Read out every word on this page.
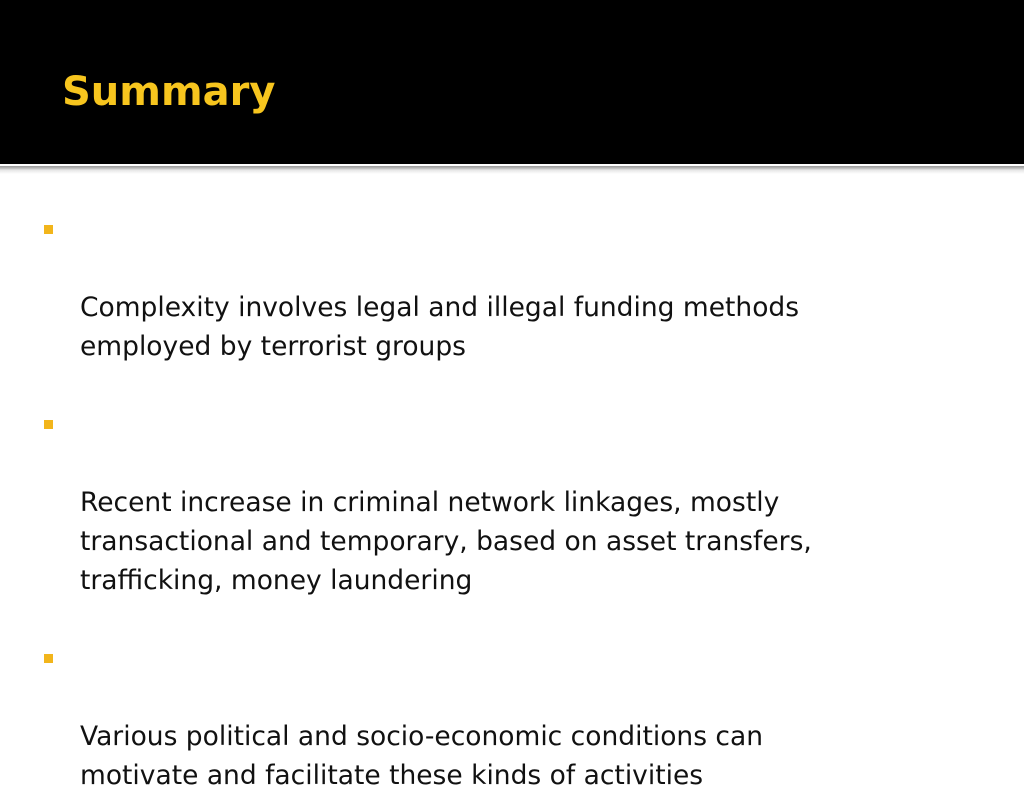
Summary

Complexity involves legal and illegal funding methods
employed by terrorist groups

Recent increase in criminal network linkages, mostly
transactional and temporary, based on asset transfers,
trafficking, money laundering

Various political and socio-economic conditions can
motivate and facilitate these kinds of activities
